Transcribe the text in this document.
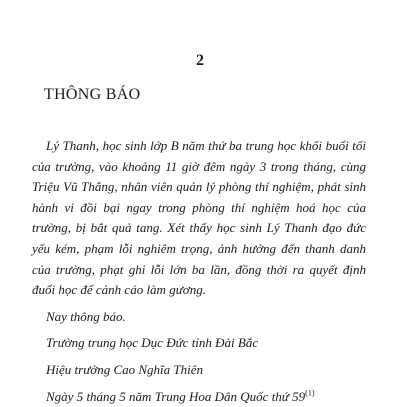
2
THÔNG BÁO

Lý Thanh, học sinh lớp B năm thứ ba trung học khối buổi tối của trường, vào khoảng 11 giờ đêm ngày 3 trong tháng, cùng Triệu Vũ Thắng, nhân viên quản lý phòng thí nghiệm, phát sinh hành vi đồi bại ngay trong phòng thí nghiệm hoá học của trường, bị bắt quả tang. Xét thấy học sinh Lý Thanh đạo đức yếu kém, phạm lỗi nghiêm trọng, ảnh hưởng đến thanh danh của trường, phạt ghi lỗi lớn ba lần, đồng thời ra quyết định đuổi học để cảnh cáo làm gương.

Nay thông báo.

Trường trung học Dục Đức tỉnh Đài Bắc

Hiệu trưởng Cao Nghĩa Thiên

Ngày 5 tháng 5 năm Trung Hoa Dân Quốc thứ 59$^{(1)}$
